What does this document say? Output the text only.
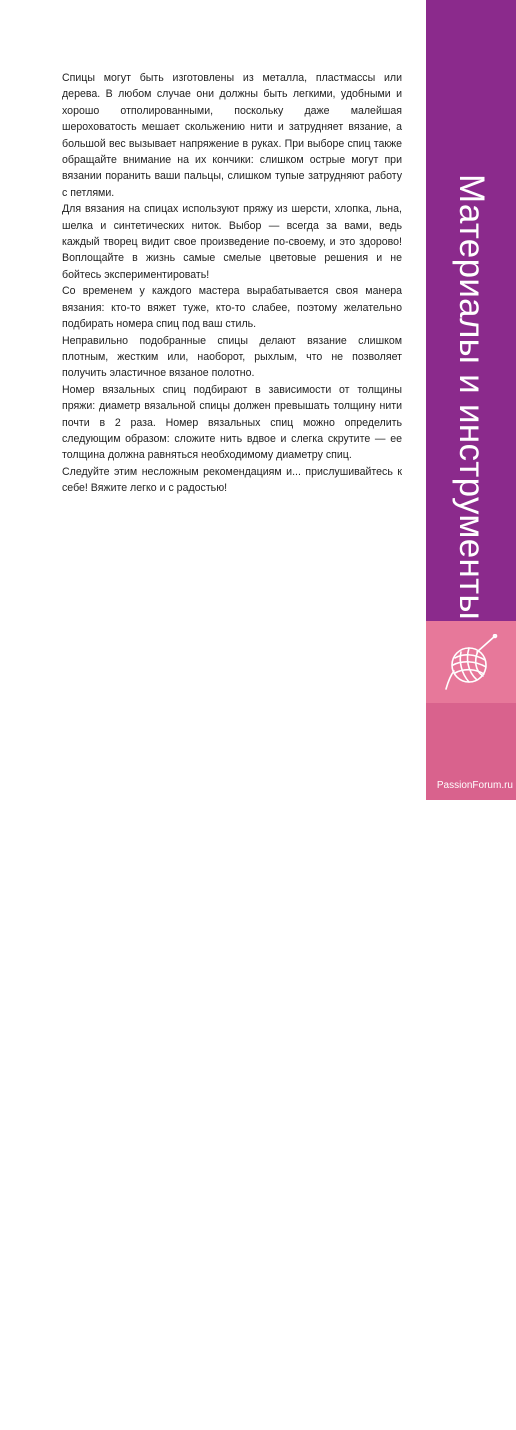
Спицы могут быть изготовлены из металла, пластмассы или дерева. В любом случае они должны быть легкими, удобными и хорошо отполированными, поскольку даже малейшая шероховатость мешает скольжению нити и затрудняет вязание, а большой вес вызывает напряжение в руках. При выборе спиц также обращайте внимание на их кончики: слишком острые могут при вязании поранить ваши пальцы, слишком тупые затрудняют работу с петлями.

Для вязания на спицах используют пряжу из шерсти, хлопка, льна, шелка и синтетических ниток. Выбор — всегда за вами, ведь каждый творец видит свое произведение по-своему, и это здорово! Воплощайте в жизнь самые смелые цветовые решения и не бойтесь экспериментировать!

Со временем у каждого мастера вырабатывается своя манера вязания: кто-то вяжет туже, кто-то слабее, поэтому желательно подбирать номера спиц под ваш стиль.

Неправильно подобранные спицы делают вязание слишком плотным, жестким или, наоборот, рыхлым, что не позволяет получить эластичное вязаное полотно.

Номер вязальных спиц подбирают в зависимости от толщины пряжи: диаметр вязальной спицы должен превышать толщину нити почти в 2 раза. Номер вязальных спиц можно определить следующим образом: сложите нить вдвое и слегка скрутите — ее толщина должна равняться необходимому диаметру спиц.

Следуйте этим несложным рекомендациям и... прислушивайтесь к себе! Вяжите легко и с радостью!	Материалы и инструменты
5
PassionForum.ru
